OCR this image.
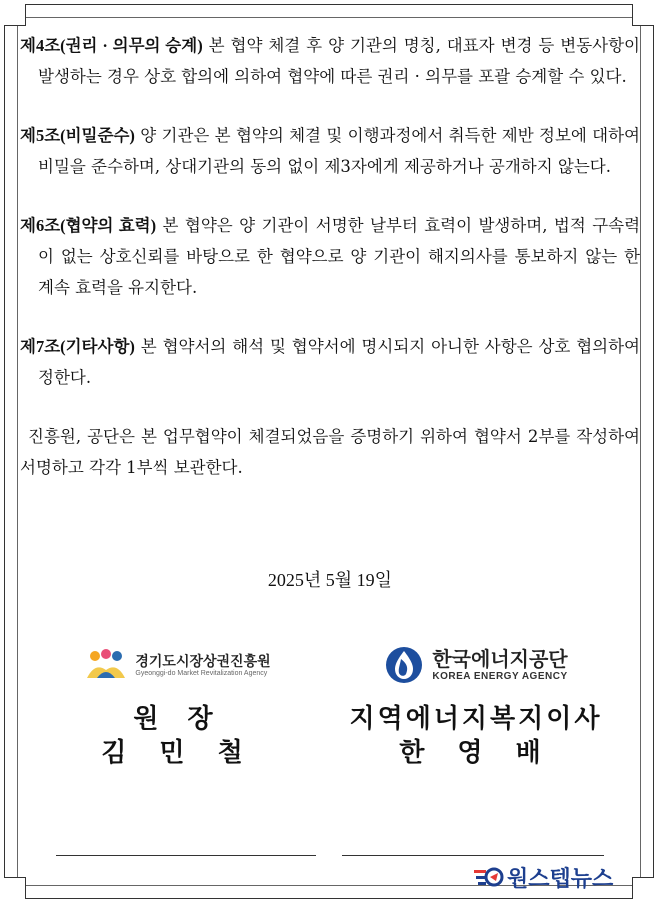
제4조(권리 · 의무의 승계) 본 협약 체결 후 양 기관의 명칭, 대표자 변경 등 변동사항이 발생하는 경우 상호 합의에 의하여 협약에 따른 권리 · 의무를 포괄 승계할 수 있다.

제5조(비밀준수) 양 기관은 본 협약의 체결 및 이행과정에서 취득한 제반 정보에 대하여 비밀을 준수하며, 상대기관의 동의 없이 제3자에게 제공하거나 공개하지 않는다.

제6조(협약의 효력) 본 협약은 양 기관이 서명한 날부터 효력이 발생하며, 법적 구속력이 없는 상호신뢰를 바탕으로 한 협약으로 양 기관이 해지의사를 통보하지 않는 한 계속 효력을 유지한다.

제7조(기타사항) 본 협약서의 해석 및 협약서에 명시되지 아니한 사항은 상호 협의하여 정한다.

진흥원, 공단은 본 업무협약이 체결되었음을 증명하기 위하여 협약서 2부를 작성하여 서명하고 각각 1부씩 보관한다.

2025년 5월 19일
경기도시장상권진흥원
Gyeonggi-do Market Revitalization Agency
원 장
김 민 철
한국에너지공단
KOREA ENERGY AGENCY
지역에너지복지이사
한 영 배
원스텝뉴스
